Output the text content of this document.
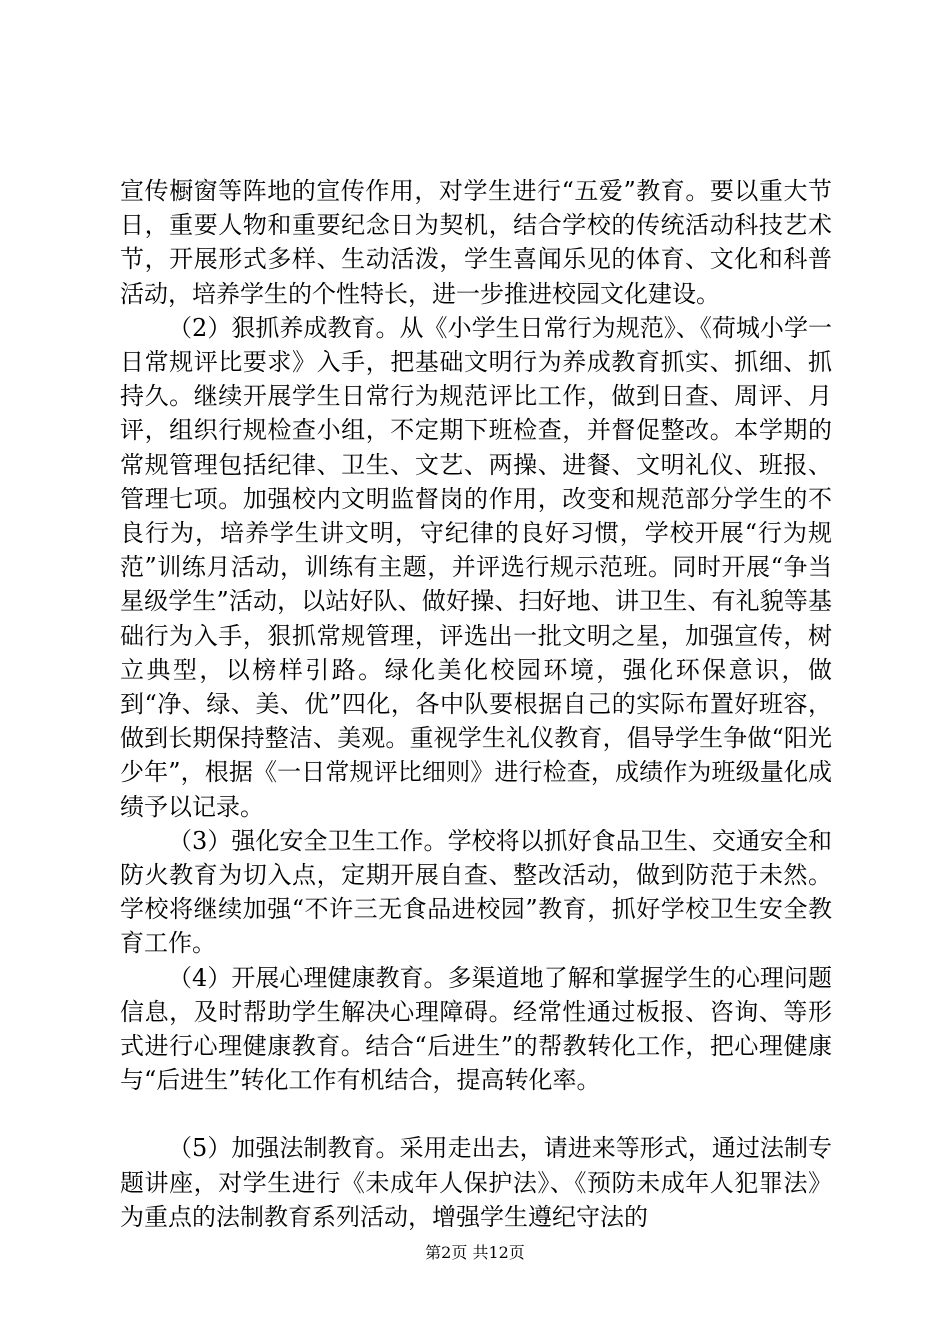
宣传橱窗等阵地的宣传作用，对学生进行“五爱”教育。要以重大节日，重要人物和重要纪念日为契机，结合学校的传统活动科技艺术节，开展形式多样、生动活泼，学生喜闻乐见的体育、文化和科普活动，培养学生的个性特长，进一步推进校园文化建设。

（2）狠抓养成教育。从《小学生日常行为规范》、《荷城小学一日常规评比要求》入手，把基础文明行为养成教育抓实、抓细、抓持久。继续开展学生日常行为规范评比工作，做到日查、周评、月评，组织行规检查小组，不定期下班检查，并督促整改。本学期的常规管理包括纪律、卫生、文艺、两操、进餐、文明礼仪、班报、管理七项。加强校内文明监督岗的作用，改变和规范部分学生的不良行为，培养学生讲文明，守纪律的良好习惯，学校开展“行为规范”训练月活动，训练有主题，并评选行规示范班。同时开展“争当星级学生”活动，以站好队、做好操、扫好地、讲卫生、有礼貌等基础行为入手，狠抓常规管理，评选出一批文明之星，加强宣传，树立典型，以榜样引路。绿化美化校园环境，强化环保意识，做到“净、绿、美、优”四化，各中队要根据自己的实际布置好班容，做到长期保持整洁、美观。重视学生礼仪教育，倡导学生争做“阳光少年”，根据《一日常规评比细则》进行检查，成绩作为班级量化成绩予以记录。

（3）强化安全卫生工作。学校将以抓好食品卫生、交通安全和防火教育为切入点，定期开展自查、整改活动，做到防范于未然。学校将继续加强“不许三无食品进校园”教育，抓好学校卫生安全教育工作。

（4）开展心理健康教育。多渠道地了解和掌握学生的心理问题信息，及时帮助学生解决心理障碍。经常性通过板报、咨询、等形式进行心理健康教育。结合“后进生”的帮教转化工作，把心理健康与“后进生”转化工作有机结合，提高转化率。

（5）加强法制教育。采用走出去，请进来等形式，通过法制专题讲座，对学生进行《未成年人保护法》、《预防未成年人犯罪法》为重点的法制教育系列活动，增强学生遵纪守法的

第2页 共12页
